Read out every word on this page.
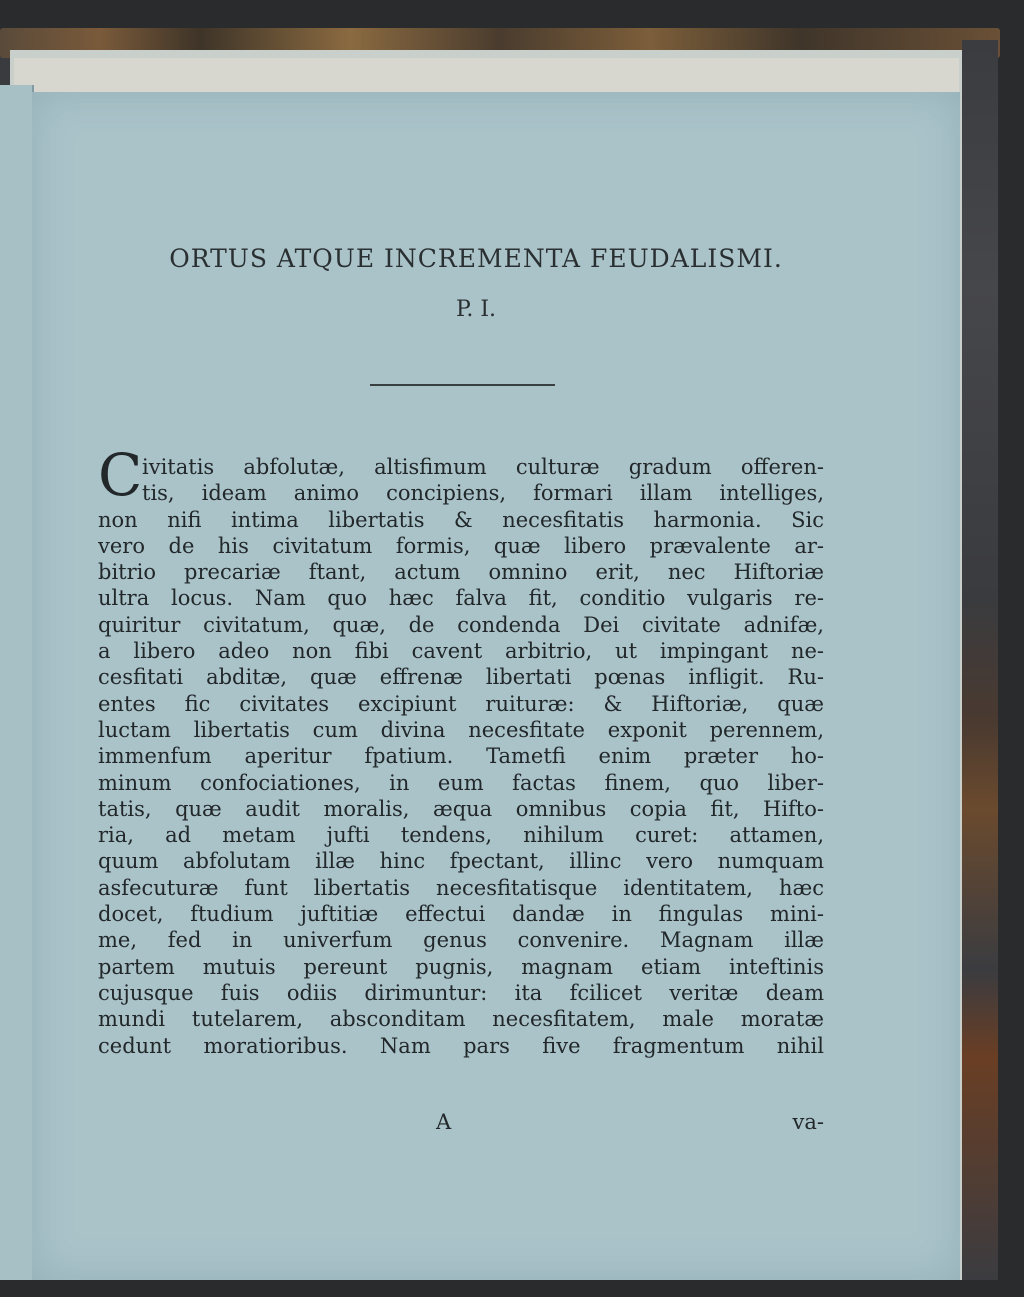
ORTUS ATQUE INCREMENTA FEUDALISMI.
P. I.
C ivitatis abfolutæ, altisfimum culturæ gradum offeren-
tis, ideam animo concipiens, formari illam intelliges,
non nifi intima libertatis & necesfitatis harmonia. Sic
vero de his civitatum formis, quæ libero prævalente ar-
bitrio precariæ ftant, actum omnino erit, nec Hiftoriæ
ultra locus. Nam quo hæc falva fit, conditio vulgaris re-
quiritur civitatum, quæ, de condenda Dei civitate adnifæ,
a libero adeo non fibi cavent arbitrio, ut impingant ne-
cesfitati abditæ, quæ effrenæ libertati pœnas infligit. Ru-
entes fic civitates excipiunt ruituræ: & Hiftoriæ, quæ
luctam libertatis cum divina necesfitate exponit perennem,
immenfum aperitur fpatium. Tametfi enim præter ho-
minum confociationes, in eum factas finem, quo liber-
tatis, quæ audit moralis, æqua omnibus copia fit, Hifto-
ria, ad metam jufti tendens, nihilum curet: attamen,
quum abfolutam illæ hinc fpectant, illinc vero numquam
asfecuturæ funt libertatis necesfitatisque identitatem, hæc
docet, ftudium juftitiæ effectui dandæ in fingulas mini-
me, fed in univerfum genus convenire. Magnam illæ
partem mutuis pereunt pugnis, magnam etiam inteftinis
cujusque fuis odiis dirimuntur: ita fcilicet veritæ deam
mundi tutelarem, absconditam necesfitatem, male moratæ
cedunt moratioribus. Nam pars five fragmentum nihil
A	va-
